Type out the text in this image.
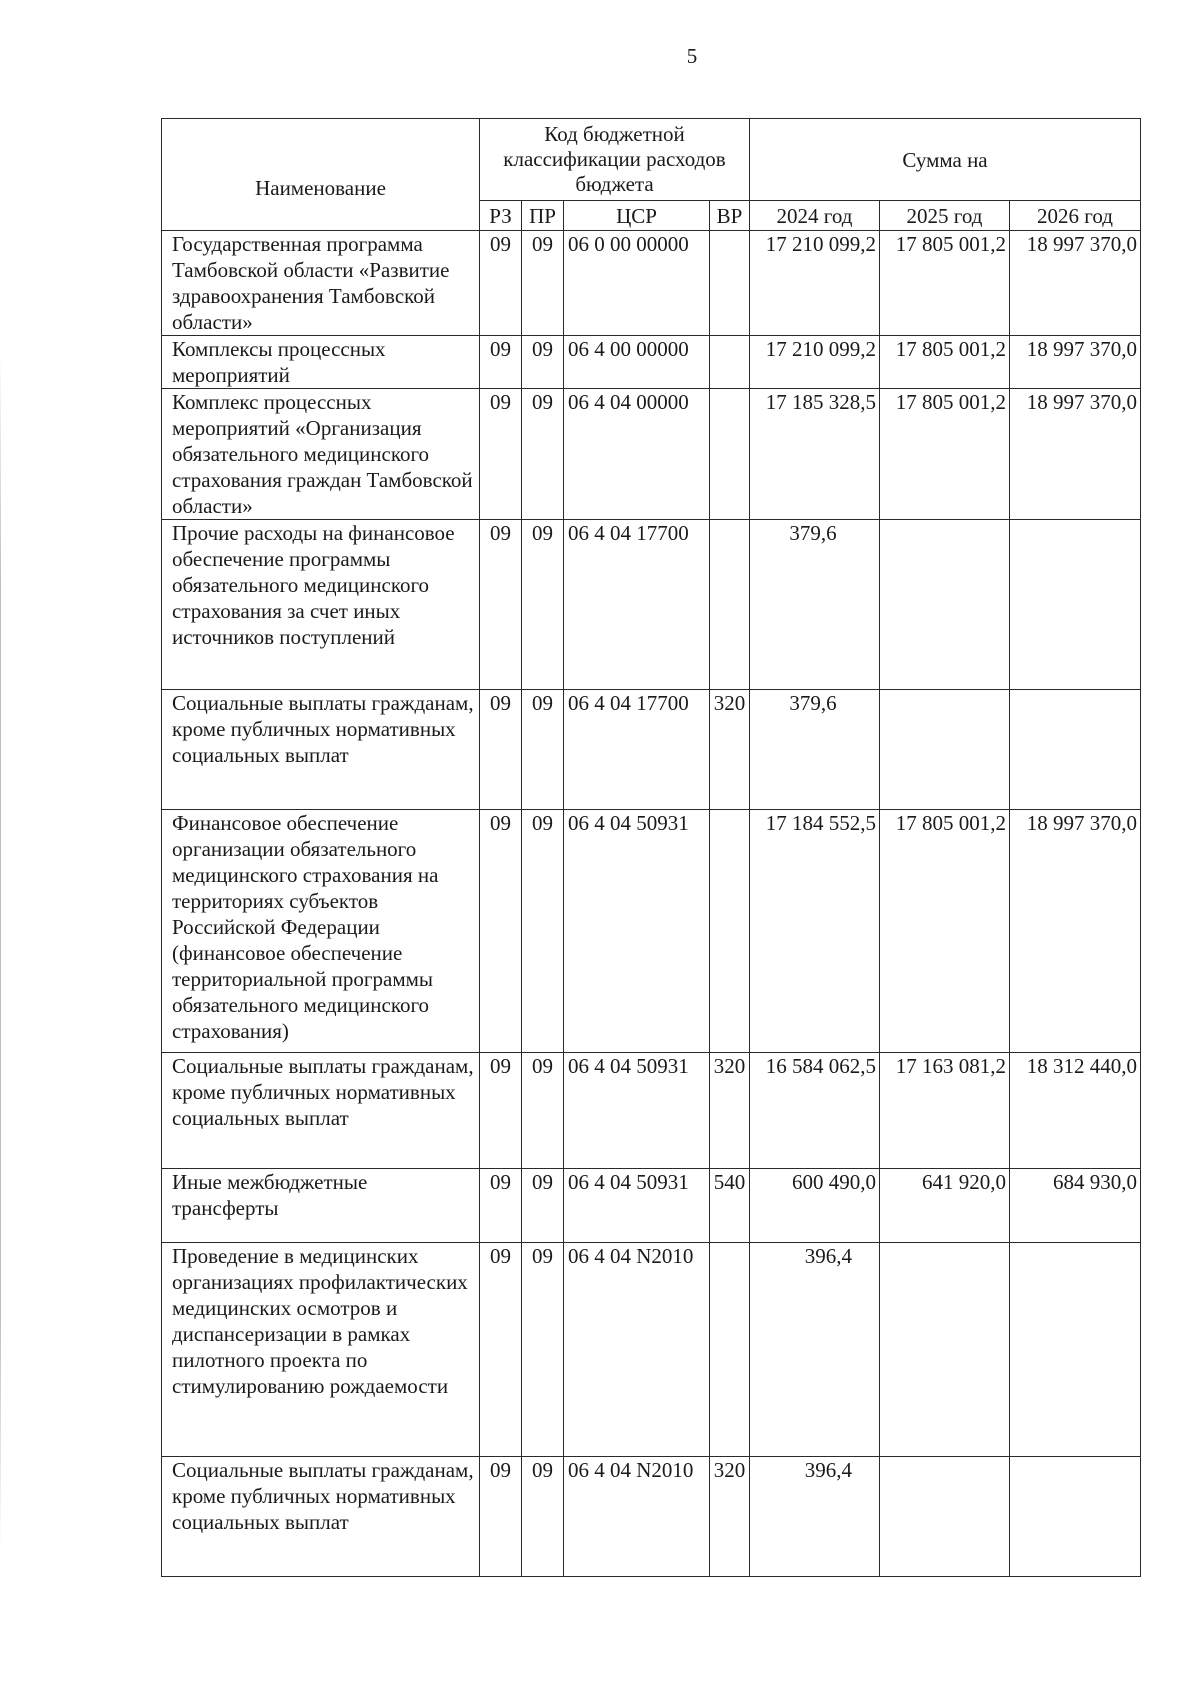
5
Наименование	Код бюджетной классификации расходов бюджета				Сумма на		
	РЗ	ПР	ЦСР	ВР	2024 год	2025 год	2026 год
Государственная программа Тамбовской области «Развитие здравоохранения Тамбовской области»	09	09	06 0 00 00000		17 210 099,2	17 805 001,2	18 997 370,0
Комплексы процессных мероприятий	09	09	06 4 00 00000		17 210 099,2	17 805 001,2	18 997 370,0
Комплекс процессных мероприятий «Организация обязательного медицинского страхования граждан Тамбовской области»	09	09	06 4 04 00000		17 185 328,5	17 805 001,2	18 997 370,0
Прочие расходы на финансовое обеспечение программы обязательного медицинского страхования за счет иных источников поступлений	09	09	06 4 04 17700		379,6		
Социальные выплаты гражданам, кроме публичных нормативных социальных выплат	09	09	06 4 04 17700	320	379,6		
Финансовое обеспечение организации обязательного медицинского страхования на территориях субъектов Российской Федерации (финансовое обеспечение территориальной программы обязательного медицинского страхования)	09	09	06 4 04 50931		17 184 552,5	17 805 001,2	18 997 370,0
Социальные выплаты гражданам, кроме публичных нормативных социальных выплат	09	09	06 4 04 50931	320	16 584 062,5	17 163 081,2	18 312 440,0
Иные межбюджетные трансферты	09	09	06 4 04 50931	540	600 490,0	641 920,0	684 930,0
Проведение в медицинских организациях профилактических медицинских осмотров и диспансеризации в рамках пилотного проекта по стимулированию рождаемости	09	09	06 4 04 N2010		396,4		
Социальные выплаты гражданам, кроме публичных нормативных социальных выплат	09	09	06 4 04 N2010	320	396,4		
